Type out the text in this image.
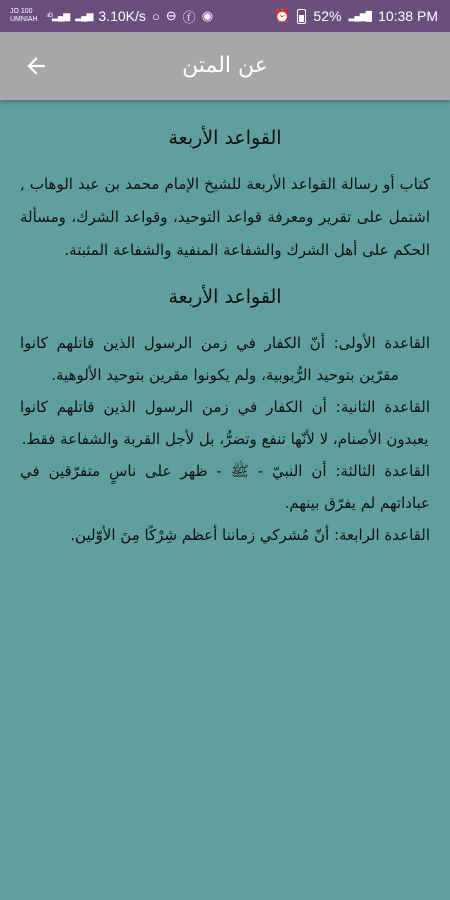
JO 100
UMNIAH ⁴ᴳ▂▄▆ ▂▄▆ 3.10K/s ○ ⊖ ⓕ ◉	⏰ 52% ▂▄▆█ 10:38 PM
عن المتن
القواعد الأربعة

كتاب أو رسالة القواعد الأربعة للشيخ الإمام محمد بن عبد الوهاب , اشتمل على تقرير ومعرفة قواعد التوحيد، وقواعد الشرك، ومسألة الحكم على أهل الشرك والشفاعة المنفية والشفاعة المثبتة.

القواعد الأربعة

القاعدة الأولى: أنّ الكفار في زمن الرسول الذين قاتلهم كانوا مقرّين بتوحيد الرُّبوبية، ولم يكونوا مقرين بتوحيد الألوهية.

القاعدة الثانية: أن الكفار في زمن الرسول الذين قاتلهم كانوا يعبدون الأصنام، لا لأنّها تنفع وتضرُّ، بل لأجل القربة والشفاعة فقط.

القاعدة الثالثة: أن النبيّ - ﷺ - ظهر على ناسٍ متفرّقين في عباداتهم لم يفرّق بينهم.

القاعدة الرابعة: أنّ مُشركي زماننا أعظم شِرْكًا مِنَ الأوّلين.
